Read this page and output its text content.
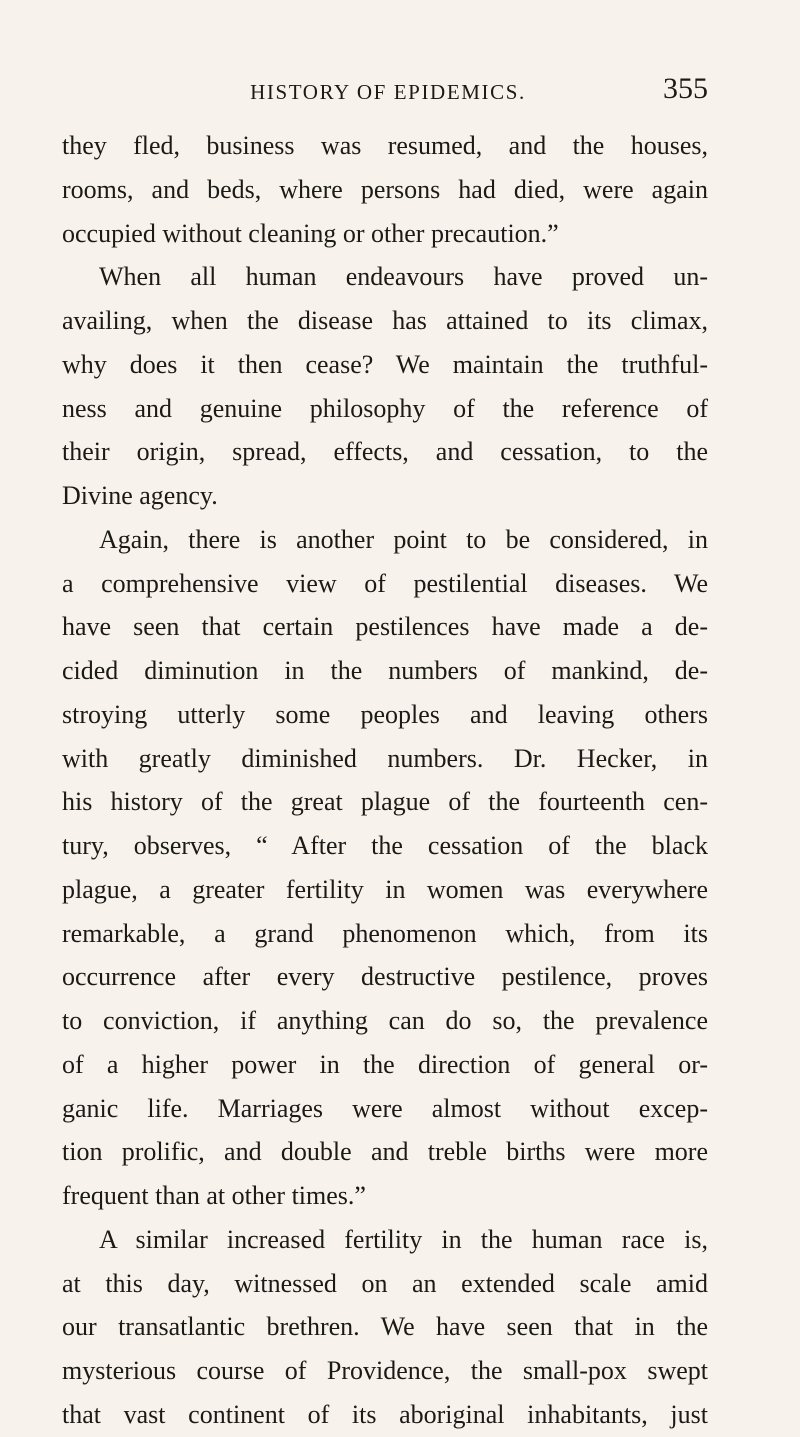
HISTORY OF EPIDEMICS.	355
they fled, business was resumed, and the houses,
rooms, and beds, where persons had died, were again
occupied without cleaning or other precaution.”
When all human endeavours have proved un-
availing, when the disease has attained to its climax,
why does it then cease? We maintain the truthful-
ness and genuine philosophy of the reference of
their origin, spread, effects, and cessation, to the
Divine agency.
Again, there is another point to be considered, in
a comprehensive view of pestilential diseases. We
have seen that certain pestilences have made a de-
cided diminution in the numbers of mankind, de-
stroying utterly some peoples and leaving others
with greatly diminished numbers. Dr. Hecker, in
his history of the great plague of the fourteenth cen-
tury, observes, “ After the cessation of the black
plague, a greater fertility in women was everywhere
remarkable, a grand phenomenon which, from its
occurrence after every destructive pestilence, proves
to conviction, if anything can do so, the prevalence
of a higher power in the direction of general or-
ganic life. Marriages were almost without excep-
tion prolific, and double and treble births were more
frequent than at other times.”
A similar increased fertility in the human race is,
at this day, witnessed on an extended scale amid
our transatlantic brethren. We have seen that in the
mysterious course of Providence, the small-pox swept
that vast continent of its aboriginal inhabitants, just
